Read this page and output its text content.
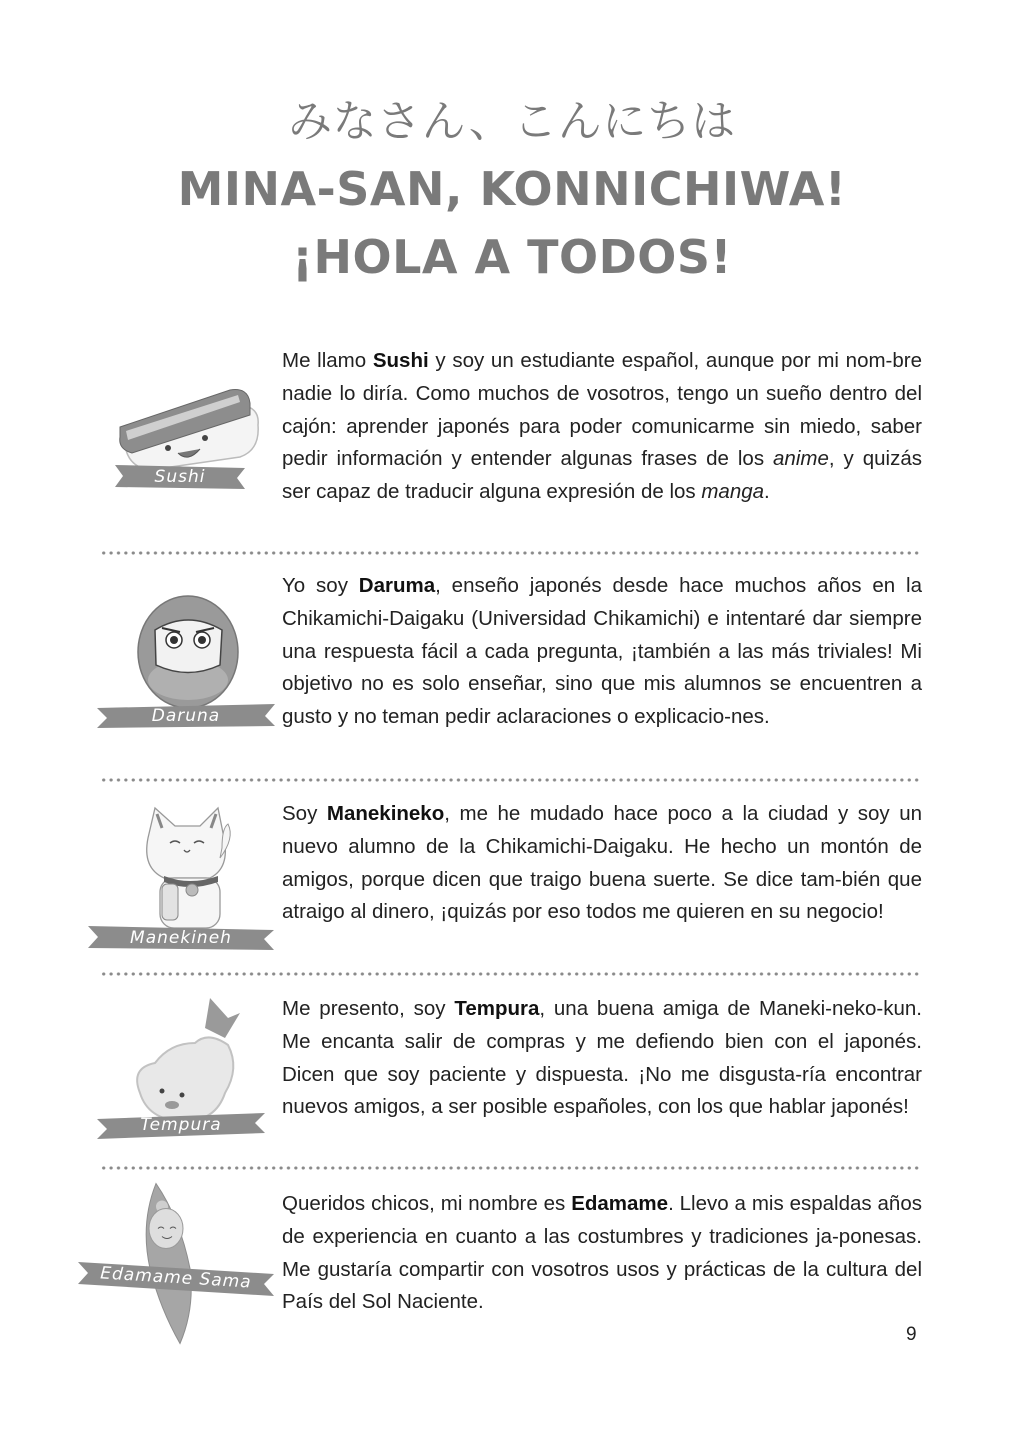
みなさん、こんにちは
MINA-SAN, KONNICHIWA!
¡HOLA A TODOS!
Sushi
Me llamo Sushi y soy un estudiante español, aunque por mi nom-bre nadie lo diría. Como muchos de vosotros, tengo un sueño dentro del cajón: aprender japonés para poder comunicarme sin miedo, saber pedir información y entender algunas frases de los anime, y quizás ser capaz de traducir alguna expresión de los manga.
Daruna
Yo soy Daruma, enseño japonés desde hace muchos años en la Chikamichi-Daigaku (Universidad Chikamichi) e intentaré dar siempre una respuesta fácil a cada pregunta, ¡también a las más triviales! Mi objetivo no es solo enseñar, sino que mis alumnos se encuentren a gusto y no teman pedir aclaraciones o explicacio-nes.
Manekineh
Soy Manekineko, me he mudado hace poco a la ciudad y soy un nuevo alumno de la Chikamichi-Daigaku. He hecho un montón de amigos, porque dicen que traigo buena suerte. Se dice tam-bién que atraigo al dinero, ¡quizás por eso todos me quieren en su negocio!
Tempura
Me presento, soy Tempura, una buena amiga de Maneki-neko-kun. Me encanta salir de compras y me defiendo bien con el japonés. Dicen que soy paciente y dispuesta. ¡No me disgusta-ría encontrar nuevos amigos, a ser posible españoles, con los que hablar japonés!
Edamame Sama
Queridos chicos, mi nombre es Edamame. Llevo a mis espaldas años de experiencia en cuanto a las costumbres y tradiciones ja-ponesas. Me gustaría compartir con vosotros usos y prácticas de la cultura del País del Sol Naciente.
9
